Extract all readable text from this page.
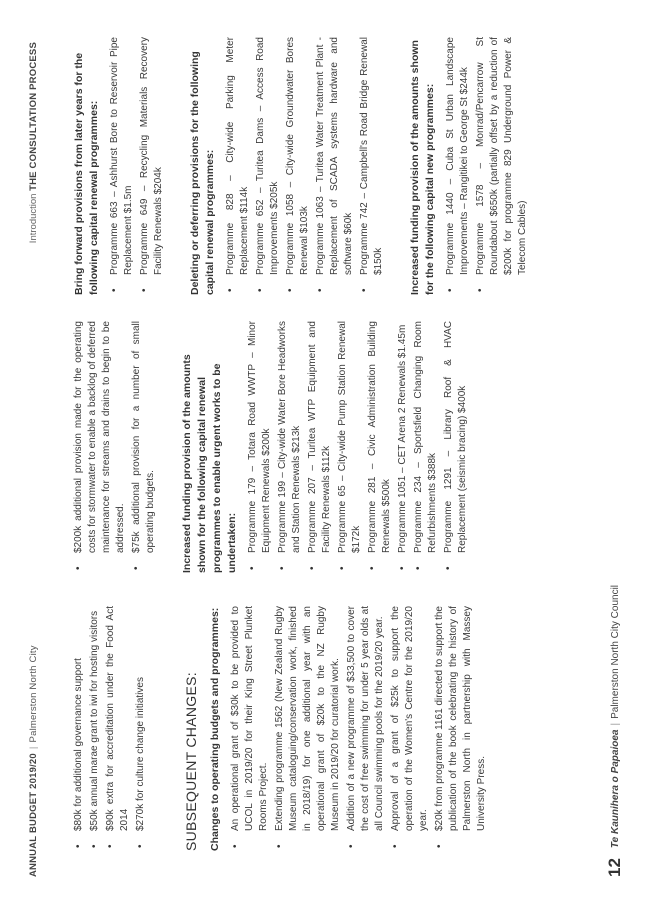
ANNUAL BUDGET 2019/20|Palmerston North City
Introduction THE CONSULTATION PROCESS
• $80k for additional governance support • $50k annual marae grant to iwi for hosting visitors • $90k extra for accreditation under the Food Act 2014 • $270k for culture change initiatives	SUBSEQUENT CHANGES: Changes to operating budgets and programmes: • An operational grant of $30k to be provided to UCOL in 2019/20 for their King Street Plunket Rooms Project. • Extending programme 1562 (New Zealand Rugby Museum cataloguing/conservation work, finished in 2018/19) for one additional year with an operational grant of $20k to the NZ Rugby Museum in 2019/20 for curatorial work. • Addition of a new programme of $33,500 to cover the cost of free swimming for under 5 year olds at all Council swimming pools for the 2019/20 year. • Approval of a grant of $25k to support the operation of the Women's Centre for the 2019/20 year. • $20k from programme 1161 directed to support the publication of the book celebrating the history of Palmerston North in partnership with Massey University Press.
• $200k additional provision made for the operating costs for stormwater to enable a backlog of deferred maintenance for streams and drains to begin to be addressed. • $75k additional provision for a number of small operating budgets. Increased funding provision of the amounts shown for the following capital renewal programmes to enable urgent works to be undertaken: • Programme 179 – Totara Road WWTP – Minor Equipment Renewals $200k • Programme 199 – City-wide Water Bore Headworks and Station Renewals $213k • Programme 207 – Turitea WTP Equipment and Facility Renewals $112k • Programme 65 – City-wide Pump Station Renewal $172k • Programme 281 – Civic Administration Building Renewals $500k • Programme 1051 – CET Arena 2 Renewals $1.45m • Programme 234 – Sportsfield Changing Room Refurbishments $388k • Programme 1291 – Library Roof & HVAC Replacement (seismic bracing) $400k
Bring forward provisions from later years for the following capital renewal programmes: • Programme 663 – Ashhurst Bore to Reservoir Pipe Replacement $1.5m • Programme 649 – Recycling Materials Recovery Facility Renewals $204k Deleting or deferring provisions for the following capital renewal programmes: • Programme 828 – City-wide Parking Meter Replacement $114k • Programme 652 – Turitea Dams – Access Road Improvements $205k • Programme 1058 – City-wide Groundwater Bores Renewal $103k • Programme 1063 – Turitea Water Treatment Plant - Replacement of SCADA systems hardware and software $60k • Programme 742 – Campbell's Road Bridge Renewal $150k Increased funding provision of the amounts shown for the following capital new programmes: • Programme 1440 – Cuba St Urban Landscape Improvements – Rangitikei to George St $244k • Programme 1578 – Monrad/Pencarrow St Roundabout $650k (partially offset by a reduction of $200k for programme 829 Underground Power & Telecom Cables)
12Te Kaunihera o Papaioea|Palmerston North City Council
